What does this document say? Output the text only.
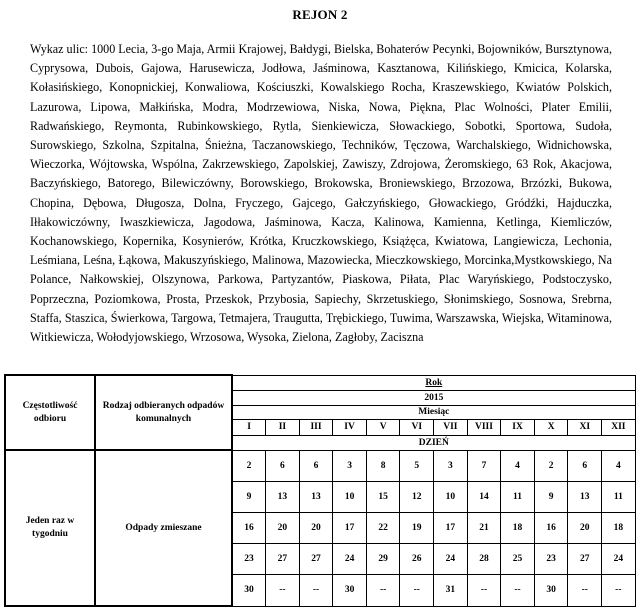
REJON 2
Wykaz ulic: 1000 Lecia, 3-go Maja, Armii Krajowej, Bałdygi, Bielska, Bohaterów Pecynki, Bojowników, Bursztynowa, Cyprysowa, Dubois, Gajowa, Harusewicza, Jodłowa, Jaśminowa, Kasztanowa, Kilińskiego, Kmicica, Kolarska, Kołasińskiego, Konopnickiej, Konwaliowa, Kościuszki, Kowalskiego Rocha, Kraszewskiego, Kwiatów Polskich, Lazurowa, Lipowa, Małkińska, Modra, Modrzewiowa, Niska, Nowa, Piękna, Plac Wolności, Plater Emilii, Radwańskiego, Reymonta, Rubinkowskiego, Rytla, Sienkiewicza, Słowackiego, Sobotki, Sportowa, Sudoła, Surowskiego, Szkolna, Szpitalna, Śnieżna, Taczanowskiego, Techników, Tęczowa, Warchalskiego, Widnichowska, Wieczorka, Wójtowska, Wspólna, Zakrzewskiego, Zapolskiej, Zawiszy, Zdrojowa, Żeromskiego, 63 Rok, Akacjowa, Baczyńskiego, Batorego, Bilewiczówny, Borowskiego, Brokowska, Broniewskiego, Brzozowa, Brzózki, Bukowa, Chopina, Dębowa, Długosza, Dolna, Fryczego, Gajcego, Gałczyńskiego, Głowackiego, Gródźki, Hajduczka, Iłłakowiczówny, Iwaszkiewicza, Jagodowa, Jaśminowa, Kacza, Kalinowa, Kamienna, Ketlinga, Kiemliczów, Kochanowskiego, Kopernika, Kosynierów, Krótka, Kruczkowskiego, Książęca, Kwiatowa, Langiewicza, Lechonia, Leśmiana, Leśna, Łąkowa, Makuszyńskiego, Malinowa, Mazowiecka, Mieczkowskiego, Morcinka,Mystkowskiego, Na Polance, Nałkowskiej, Olszynowa, Parkowa, Partyzantów, Piaskowa, Piłata, Plac Waryńskiego, Podstoczysko, Poprzeczna, Poziomkowa, Prosta, Przeskok, Przybosia, Sapiechy, Skrzetuskiego, Słonimskiego, Sosnowa, Srebrna, Staffa, Staszica, Świerkowa, Targowa, Tetmajera, Traugutta, Trębickiego, Tuwima, Warszawska, Wiejska, Witaminowa, Witkiewicza, Wołodyjowskiego, Wrzosowa, Wysoka, Zielona, Zagłoby, Zaciszna
Częstotliwość odbioru	Rodzaj odbieranych odpadów komunalnych	Rok											
		2015											
		Miesiąc											
		I	II	III	IV	V	VI	VII	VIII	IX	X	XI	XII
		DZIEŃ											
Jeden raz w tygodniu	Odpady zmieszane	2	6	6	3	8	5	3	7	4	2	6	4
		9	13	13	10	15	12	10	14	11	9	13	11
		16	20	20	17	22	19	17	21	18	16	20	18
		23	27	27	24	29	26	24	28	25	23	27	24
		30	--	--	30	--	--	31	--	--	30	--	--
